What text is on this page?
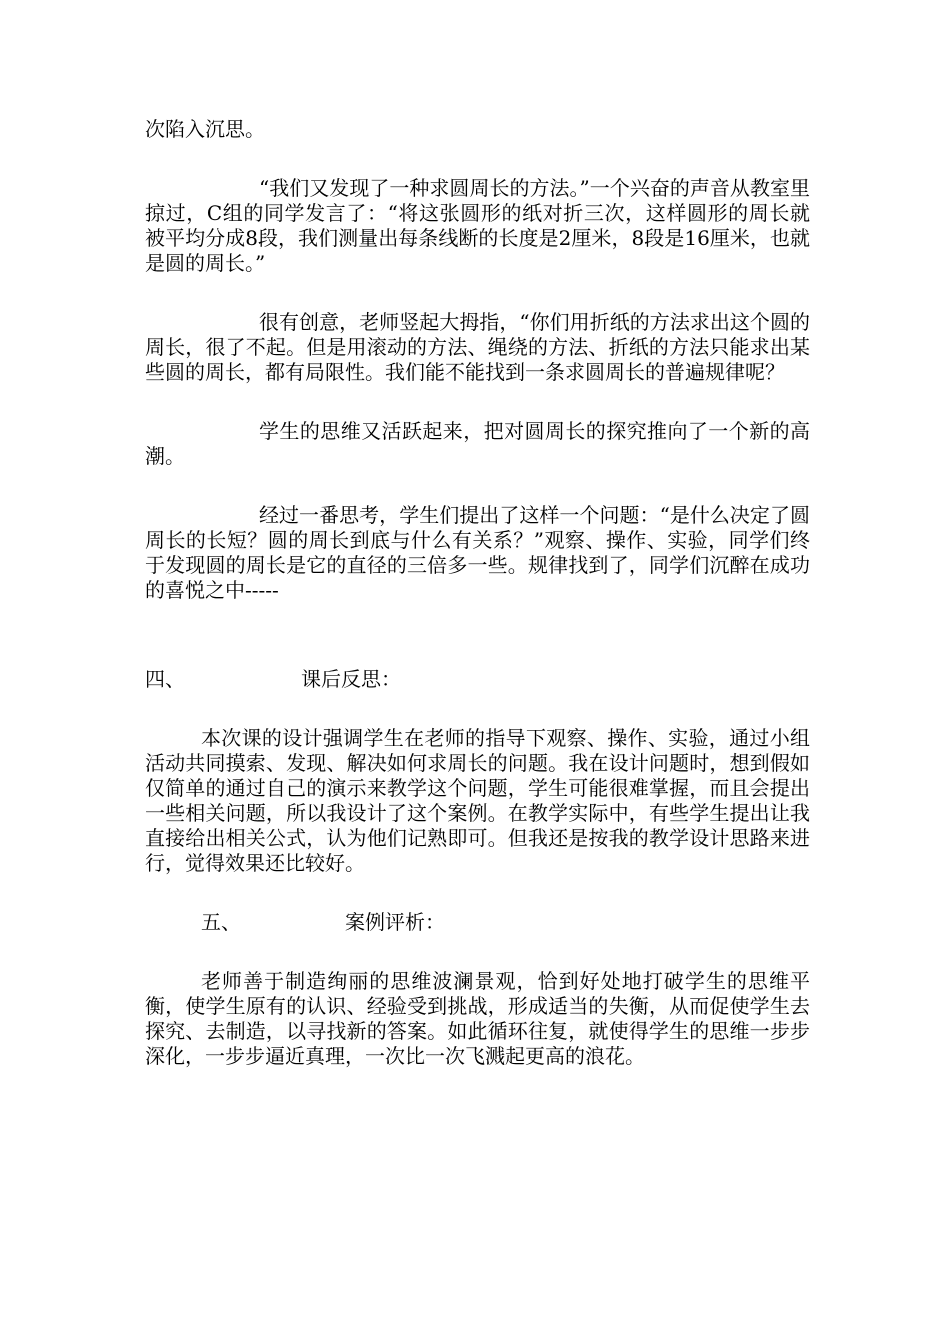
次陷入沉思。

“我们又发现了一种求圆周长的方法。”一个兴奋的声音从教室里掠过，C组的同学发言了：“将这张圆形的纸对折三次，这样圆形的周长就被平均分成8段，我们测量出每条线断的长度是2厘米，8段是16厘米，也就是圆的周长。”

很有创意，老师竖起大拇指，“你们用折纸的方法求出这个圆的周长，很了不起。但是用滚动的方法、绳绕的方法、折纸的方法只能求出某些圆的周长，都有局限性。我们能不能找到一条求圆周长的普遍规律呢？

学生的思维又活跃起来，把对圆周长的探究推向了一个新的高潮。

经过一番思考，学生们提出了这样一个问题：“是什么决定了圆周长的长短？圆的周长到底与什么有关系？”观察、操作、实验，同学们终于发现圆的周长是它的直径的三倍多一些。规律找到了，同学们沉醉在成功的喜悦之中-----

四、	课后反思：

本次课的设计强调学生在老师的指导下观察、操作、实验，通过小组活动共同摸索、发现、解决如何求周长的问题。我在设计问题时，想到假如仅简单的通过自己的演示来教学这个问题，学生可能很难掌握，而且会提出一些相关问题，所以我设计了这个案例。在教学实际中，有些学生提出让我直接给出相关公式，认为他们记熟即可。但我还是按我的教学设计思路来进行，觉得效果还比较好。

五、	案例评析：

老师善于制造绚丽的思维波澜景观，恰到好处地打破学生的思维平衡，使学生原有的认识、经验受到挑战，形成适当的失衡，从而促使学生去探究、去制造，以寻找新的答案。如此循环往复，就使得学生的思维一步步深化，一步步逼近真理，一次比一次飞溅起更高的浪花。
